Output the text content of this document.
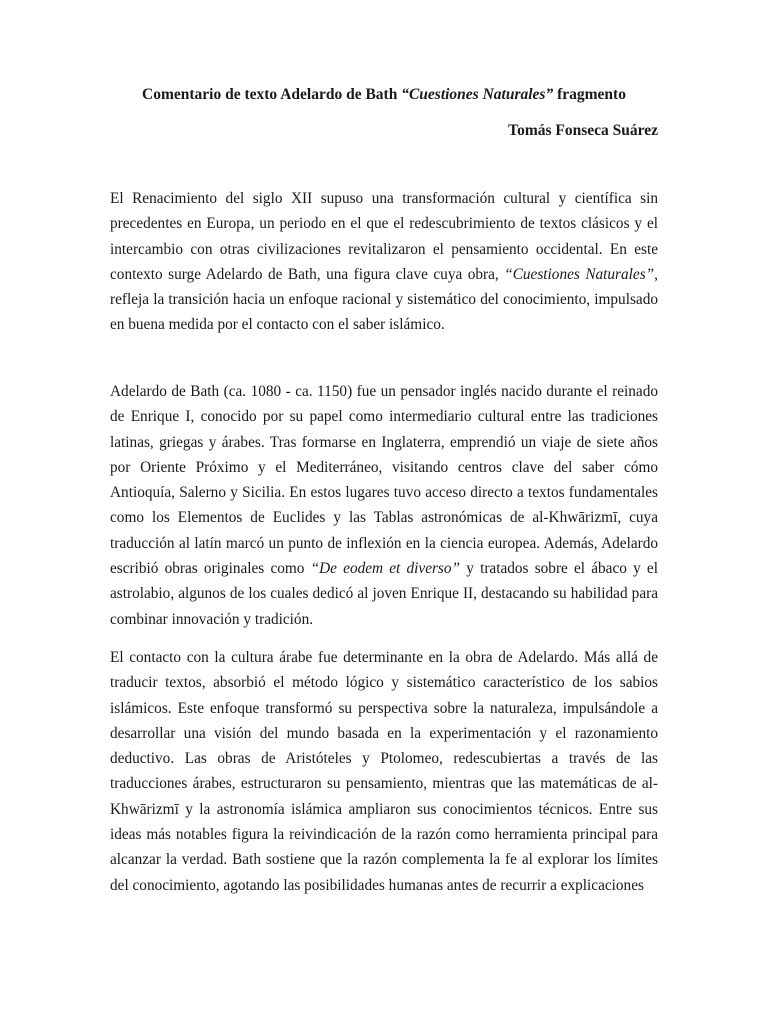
Comentario de texto Adelardo de Bath “Cuestiones Naturales” fragmento

Tomás Fonseca Suárez

El Renacimiento del siglo XII supuso una transformación cultural y científica sin precedentes en Europa, un periodo en el que el redescubrimiento de textos clásicos y el intercambio con otras civilizaciones revitalizaron el pensamiento occidental. En este contexto surge Adelardo de Bath, una figura clave cuya obra, “Cuestiones Naturales”, refleja la transición hacia un enfoque racional y sistemático del conocimiento, impulsado en buena medida por el contacto con el saber islámico.

Adelardo de Bath (ca. 1080 - ca. 1150) fue un pensador inglés nacido durante el reinado de Enrique I, conocido por su papel como intermediario cultural entre las tradiciones latinas, griegas y árabes. Tras formarse en Inglaterra, emprendió un viaje de siete años por Oriente Próximo y el Mediterráneo, visitando centros clave del saber cómo Antioquía, Salerno y Sicilia. En estos lugares tuvo acceso directo a textos fundamentales como los Elementos de Euclides y las Tablas astronómicas de al-Khwārizmī, cuya traducción al latín marcó un punto de inflexión en la ciencia europea. Además, Adelardo escribió obras originales como “De eodem et diverso” y tratados sobre el ábaco y el astrolabio, algunos de los cuales dedicó al joven Enrique II, destacando su habilidad para combinar innovación y tradición.

El contacto con la cultura árabe fue determinante en la obra de Adelardo. Más allá de traducir textos, absorbió el método lógico y sistemático característico de los sabios islámicos. Este enfoque transformó su perspectiva sobre la naturaleza, impulsándole a desarrollar una visión del mundo basada en la experimentación y el razonamiento deductivo. Las obras de Aristóteles y Ptolomeo, redescubiertas a través de las traducciones árabes, estructuraron su pensamiento, mientras que las matemáticas de al-Khwārizmī y la astronomía islámica ampliaron sus conocimientos técnicos. Entre sus ideas más notables figura la reivindicación de la razón como herramienta principal para alcanzar la verdad. Bath sostiene que la razón complementa la fe al explorar los límites del conocimiento, agotando las posibilidades humanas antes de recurrir a explicaciones
